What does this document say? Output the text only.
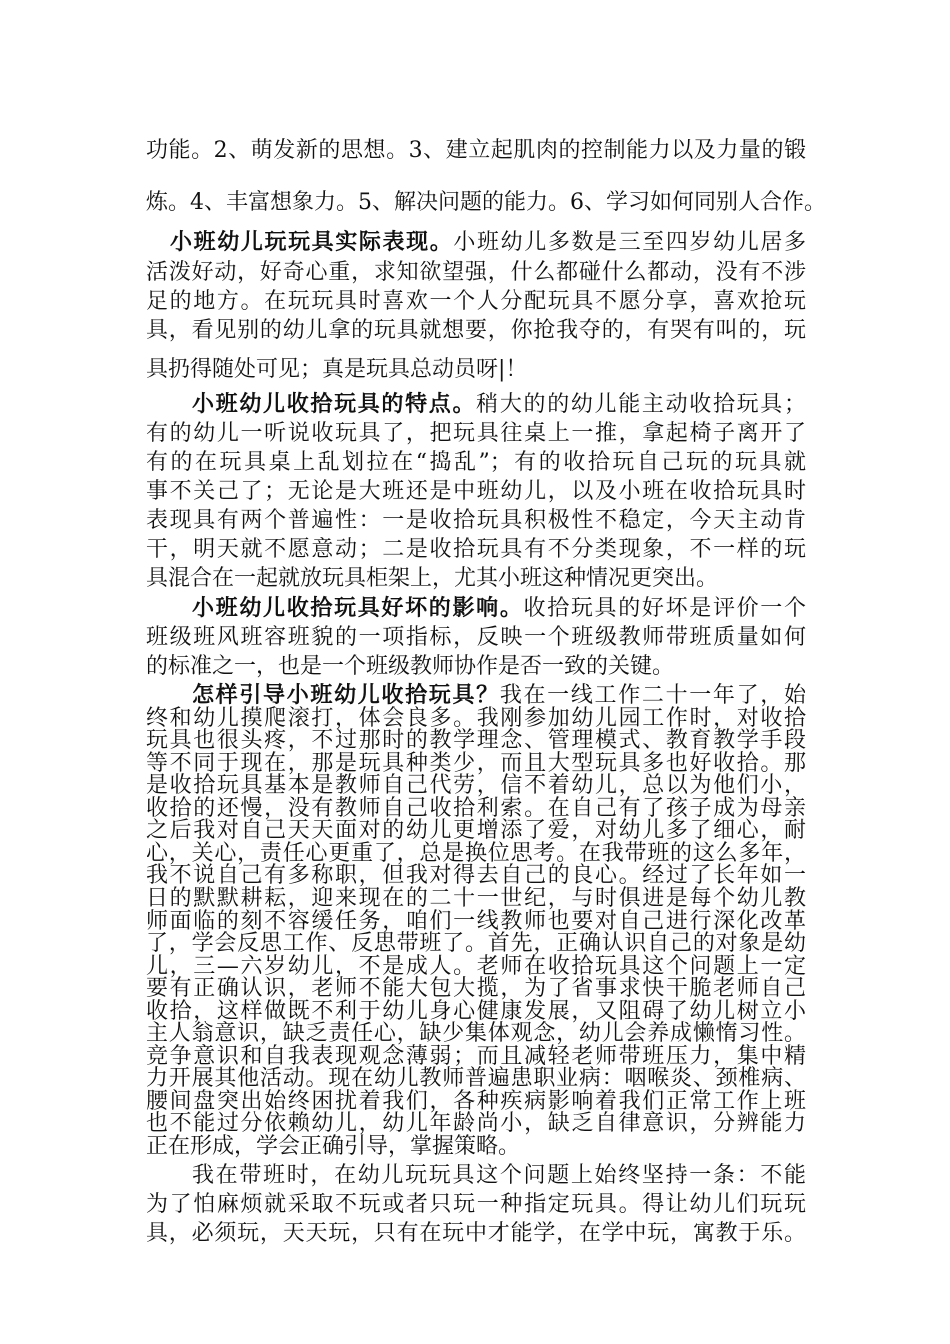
功能。2、萌发新的思想。3、建立起肌肉的控制能力以及力量的锻
炼。4、丰富想象力。5、解决问题的能力。6、学习如何同别人合作。
小班幼儿玩玩具实际表现。小班幼儿多数是三至四岁幼儿居多
活泼好动，好奇心重，求知欲望强，什么都碰什么都动，没有不涉
足的地方。在玩玩具时喜欢一个人分配玩具不愿分享，喜欢抢玩
具，看见别的幼儿拿的玩具就想要，你抢我夺的，有哭有叫的，玩
具扔得随处可见；真是玩具总动员呀|！
小班幼儿收拾玩具的特点。稍大的的幼儿能主动收拾玩具；
有的幼儿一听说收玩具了，把玩具往桌上一推，拿起椅子离开了
有的在玩具桌上乱划拉在“捣乱”；有的收拾玩自己玩的玩具就
事不关己了；无论是大班还是中班幼儿，以及小班在收拾玩具时
表现具有两个普遍性：一是收拾玩具积极性不稳定，今天主动肯
干，明天就不愿意动；二是收拾玩具有不分类现象，不一样的玩
具混合在一起就放玩具柜架上，尤其小班这种情况更突出。
小班幼儿收拾玩具好坏的影响。收拾玩具的好坏是评价一个
班级班风班容班貌的一项指标，反映一个班级教师带班质量如何
的标准之一，也是一个班级教师协作是否一致的关键。
怎样引导小班幼儿收拾玩具？我在一线工作二十一年了，始
终和幼儿摸爬滚打，体会良多。我刚参加幼儿园工作时，对收拾
玩具也很头疼，不过那时的教学理念、管理模式、教育教学手段
等不同于现在，那是玩具种类少，而且大型玩具多也好收拾。那
是收拾玩具基本是教师自己代劳，信不着幼儿，总以为他们小，
收拾的还慢，没有教师自己收拾利索。在自己有了孩子成为母亲
之后我对自己天天面对的幼儿更增添了爱，对幼儿多了细心，耐
心，关心，责任心更重了，总是换位思考。在我带班的这么多年，
我不说自己有多称职，但我对得去自己的良心。经过了长年如一
日的默默耕耘，迎来现在的二十一世纪，与时俱进是每个幼儿教
师面临的刻不容缓任务，咱们一线教师也要对自己进行深化改革
了，学会反思工作、反思带班了。首先，正确认识自己的对象是幼
儿，三—六岁幼儿，不是成人。老师在收拾玩具这个问题上一定
要有正确认识，老师不能大包大揽，为了省事求快干脆老师自己
收拾，这样做既不利于幼儿身心健康发展，又阻碍了幼儿树立小
主人翁意识，缺乏责任心，缺少集体观念，幼儿会养成懒惰习性。
竞争意识和自我表现观念薄弱；而且减轻老师带班压力，集中精
力开展其他活动。现在幼儿教师普遍患职业病：咽喉炎、颈椎病、
腰间盘突出始终困扰着我们，各种疾病影响着我们正常工作上班
也不能过分依赖幼儿，幼儿年龄尚小，缺乏自律意识，分辨能力
正在形成，学会正确引导，掌握策略。
我在带班时，在幼儿玩玩具这个问题上始终坚持一条：不能
为了怕麻烦就采取不玩或者只玩一种指定玩具。得让幼儿们玩玩
具，必须玩，天天玩，只有在玩中才能学，在学中玩，寓教于乐。
